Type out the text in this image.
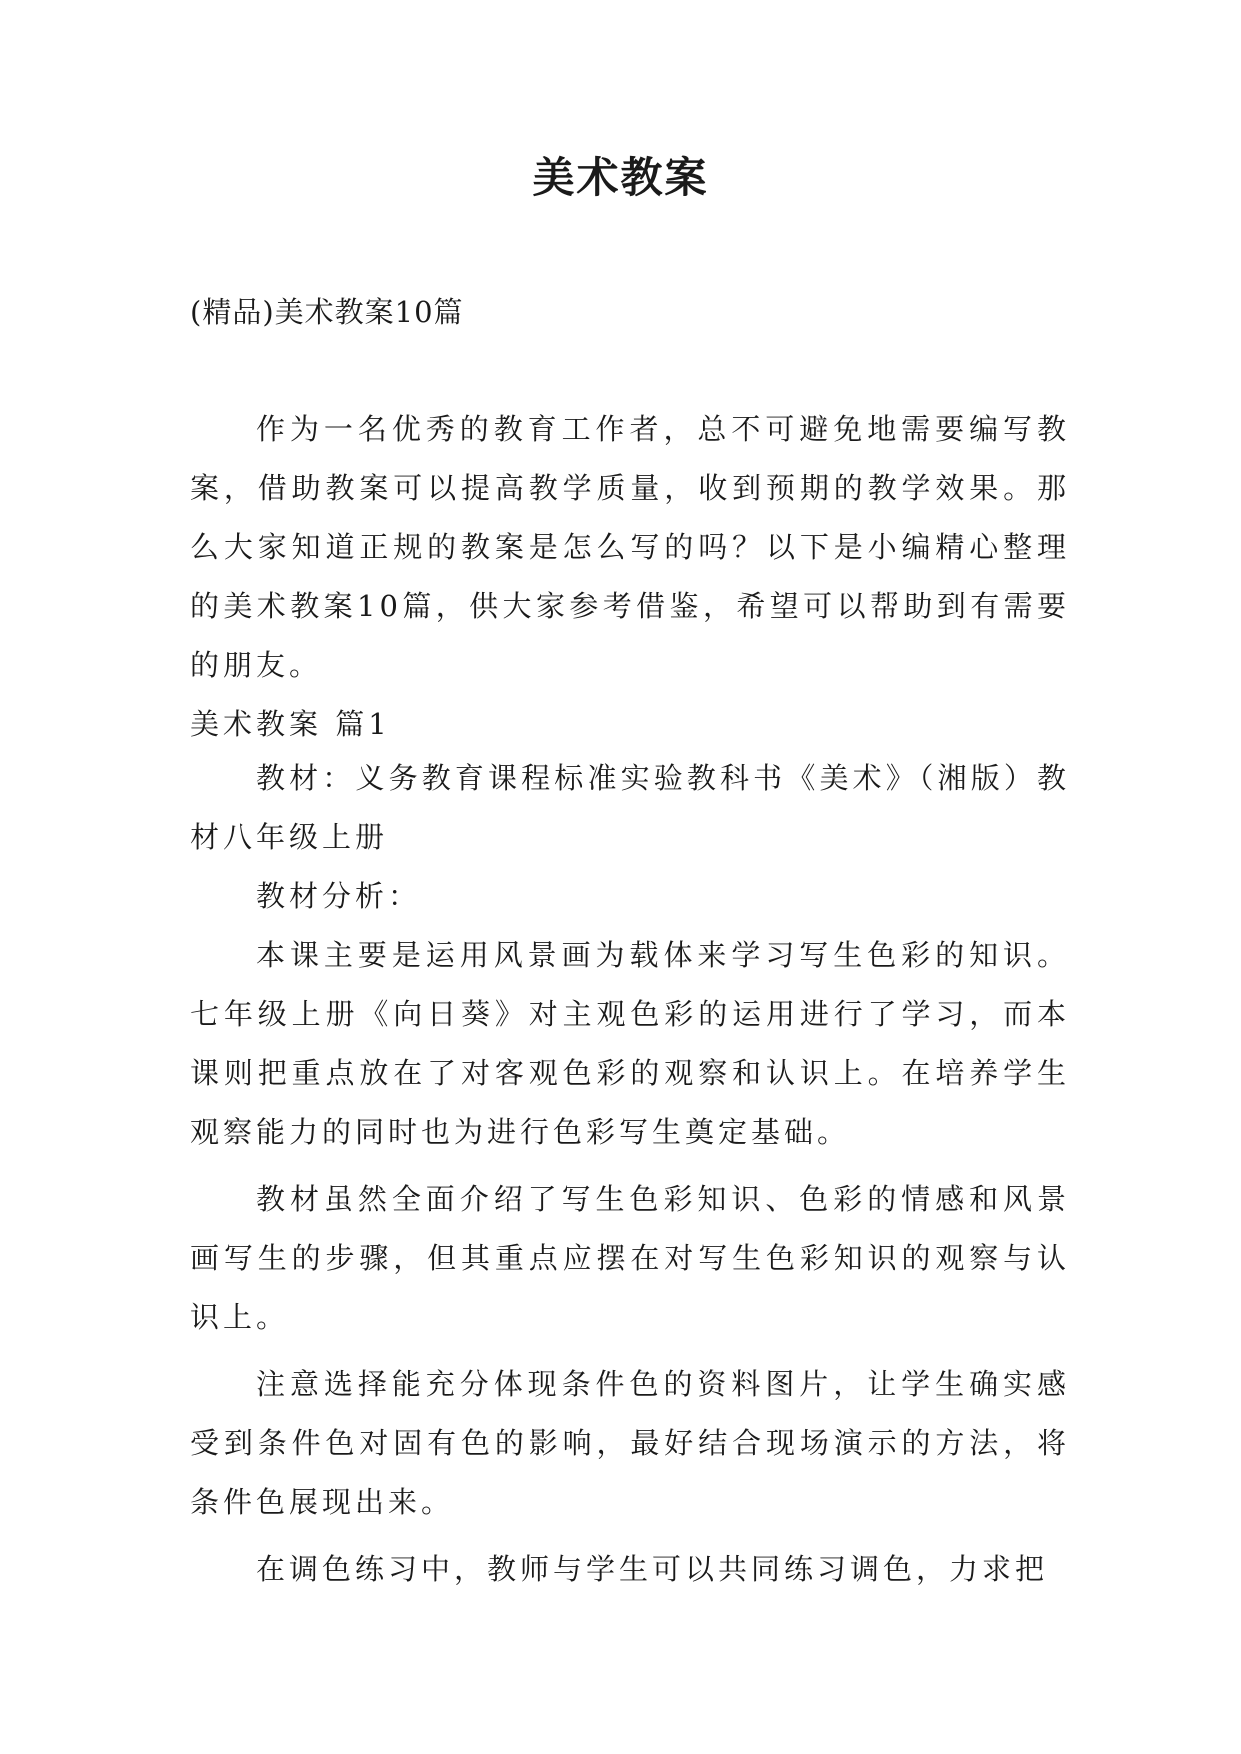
美术教案
(精品)美术教案10篇

作为一名优秀的教育工作者，总不可避免地需要编写教案，借助教案可以提高教学质量，收到预期的教学效果。那么大家知道正规的教案是怎么写的吗？以下是小编精心整理的美术教案10篇，供大家参考借鉴，希望可以帮助到有需要的朋友。

美术教案 篇1

教材：义务教育课程标准实验教科书《美术》（湘版）教材八年级上册

教材分析：

本课主要是运用风景画为载体来学习写生色彩的知识。七年级上册《向日葵》对主观色彩的运用进行了学习，而本课则把重点放在了对客观色彩的观察和认识上。在培养学生观察能力的同时也为进行色彩写生奠定基础。

教材虽然全面介绍了写生色彩知识、色彩的情感和风景画写生的步骤，但其重点应摆在对写生色彩知识的观察与认识上。

注意选择能充分体现条件色的资料图片，让学生确实感受到条件色对固有色的影响，最好结合现场演示的方法，将条件色展现出来。

在调色练习中，教师与学生可以共同练习调色，力求把
